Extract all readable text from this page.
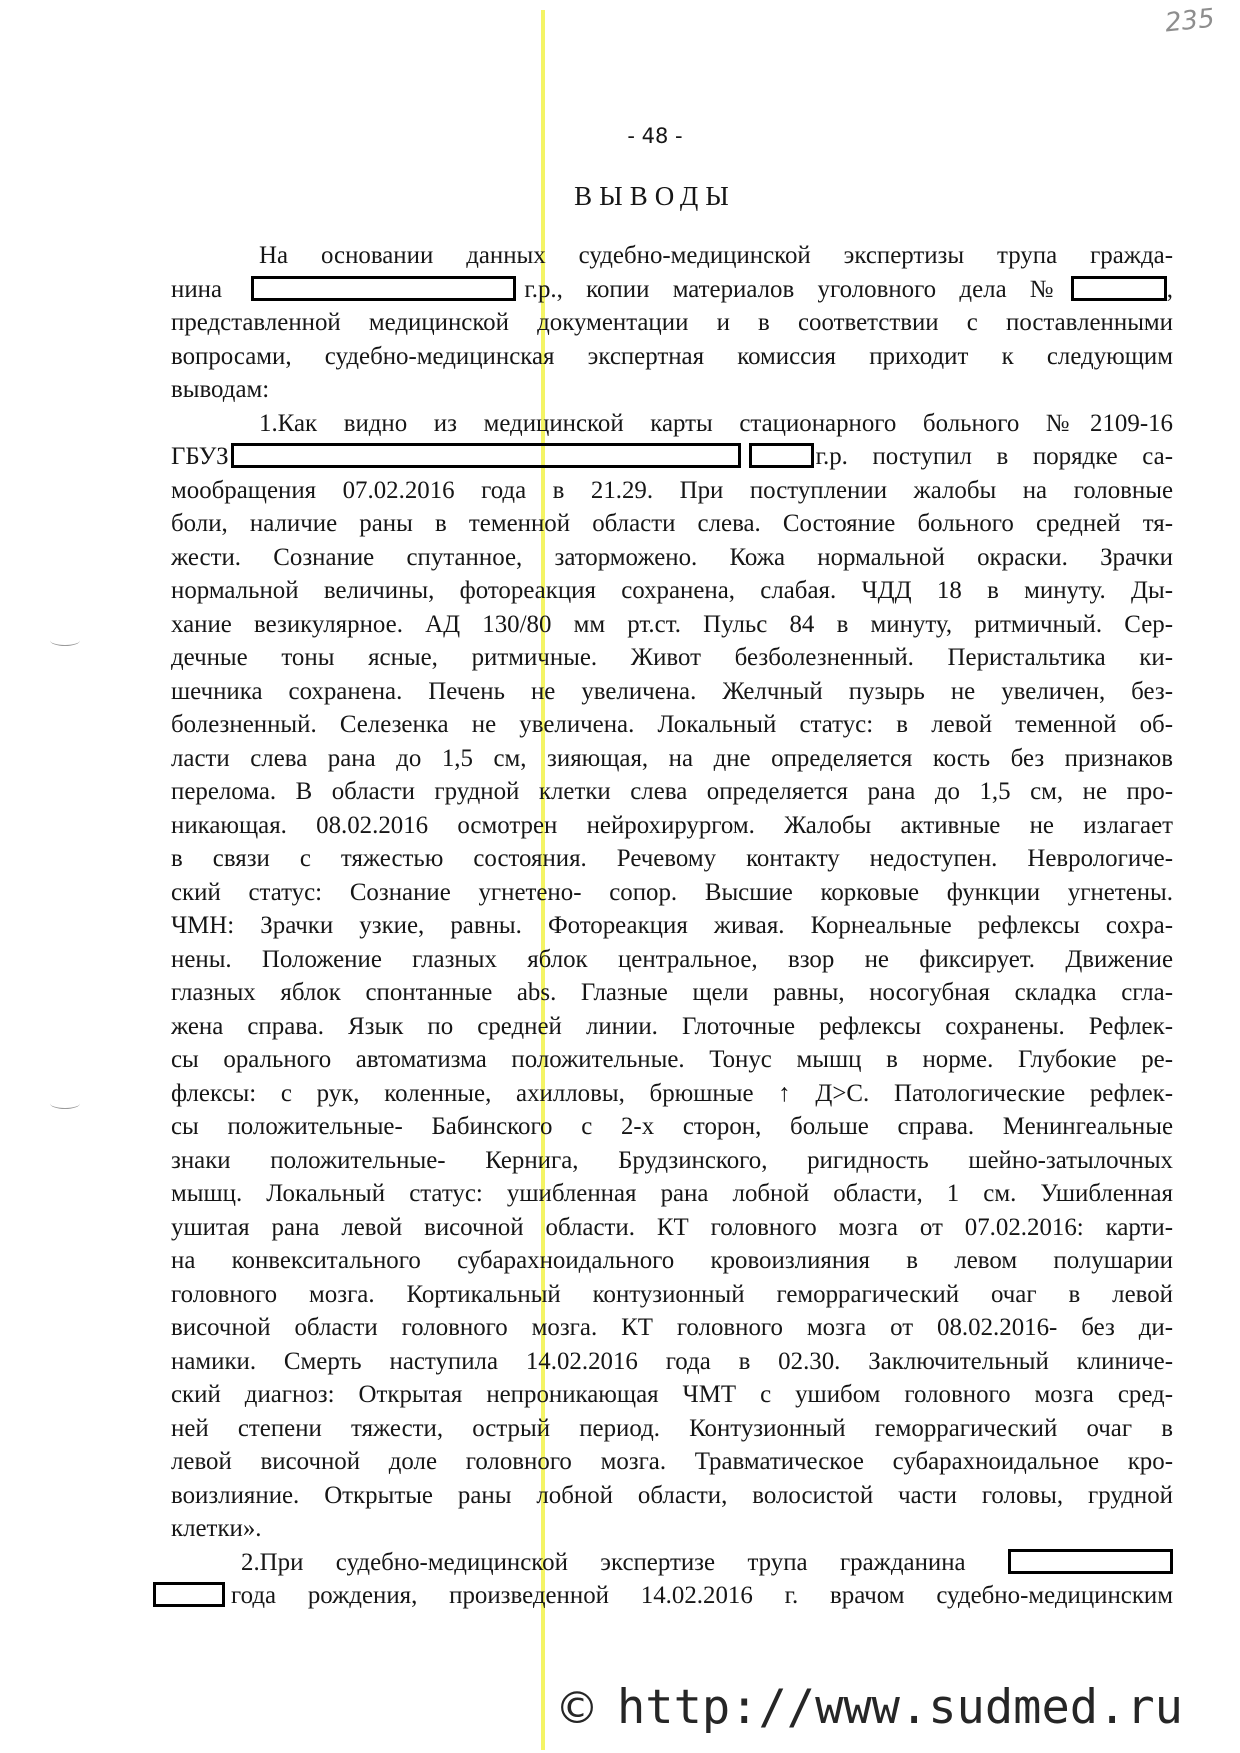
235
- 48 -
ВЫВОДЫ
На основании данных судебно-медицинской экспертизы трупа гражда-
нина	г.р., копии материалов уголовного дела №	,
представленной медицинской документации и в соответствии с поставленными
вопросами, судебно-медицинская экспертная комиссия приходит к следующим
выводам:
1.Как видно из медицинской карты стационарного больного №2109-16
ГБУЗ	г.р. поступил в порядке са-
мообращения 07.02.2016 года в 21.29. При поступлении жалобы на головные
боли, наличие раны в теменной области слева. Состояние больного средней тя-
жести. Сознание спутанное, заторможено. Кожа нормальной окраски. Зрачки
нормальной величины, фотореакция сохранена, слабая. ЧДД 18 в минуту. Ды-
хание везикулярное. АД 130/80 мм рт.ст. Пульс 84 в минуту, ритмичный. Сер-
дечные тоны ясные, ритмичные. Живот безболезненный. Перистальтика ки-
шечника сохранена. Печень не увеличена. Желчный пузырь не увеличен, без-
болезненный. Селезенка не увеличена. Локальный статус: в левой теменной об-
ласти слева рана до 1,5 см, зияющая, на дне определяется кость без признаков
перелома. В области грудной клетки слева определяется рана до 1,5 см, не про-
никающая. 08.02.2016 осмотрен нейрохирургом. Жалобы активные не излагает
в связи с тяжестью состояния. Речевому контакту недоступен. Неврологиче-
ский статус: Сознание угнетено- сопор. Высшие корковые функции угнетены.
ЧМН: Зрачки узкие, равны. Фотореакция живая. Корнеальные рефлексы сохра-
нены. Положение глазных яблок центральное, взор не фиксирует. Движение
глазных яблок спонтанные abs. Глазные щели равны, носогубная складка сгла-
жена справа. Язык по средней линии. Глоточные рефлексы сохранены. Рефлек-
сы орального автоматизма положительные. Тонус мышц в норме. Глубокие ре-
флексы: с рук, коленные, ахилловы, брюшные ↑ Д>С. Патологические рефлек-
сы положительные- Бабинского с 2-х сторон, больше справа. Менингеальные
знаки положительные- Кернига, Брудзинского, ригидность шейно-затылочных
мышц. Локальный статус: ушибленная рана лобной области, 1 см. Ушибленная
ушитая рана левой височной области. КТ головного мозга от 07.02.2016: карти-
на конвекситального субарахноидального кровоизлияния в левом полушарии
головного мозга. Кортикальный контузионный геморрагический очаг в левой
височной области головного мозга. КТ головного мозга от 08.02.2016- без ди-
намики. Смерть наступила 14.02.2016 года в 02.30. Заключительный клиниче-
ский диагноз: Открытая непроникающая ЧМТ с ушибом головного мозга сред-
ней степени тяжести, острый период. Контузионный геморрагический очаг в
левой височной доле головного мозга. Травматическое субарахноидальное кро-
воизлияние. Открытые раны лобной области, волосистой части головы, грудной
клетки».
2.При судебно-медицинской экспертизе трупа гражданина
года рождения, произведенной 14.02.2016 г. врачом судебно-медицинским
© http://www.sudmed.ru
